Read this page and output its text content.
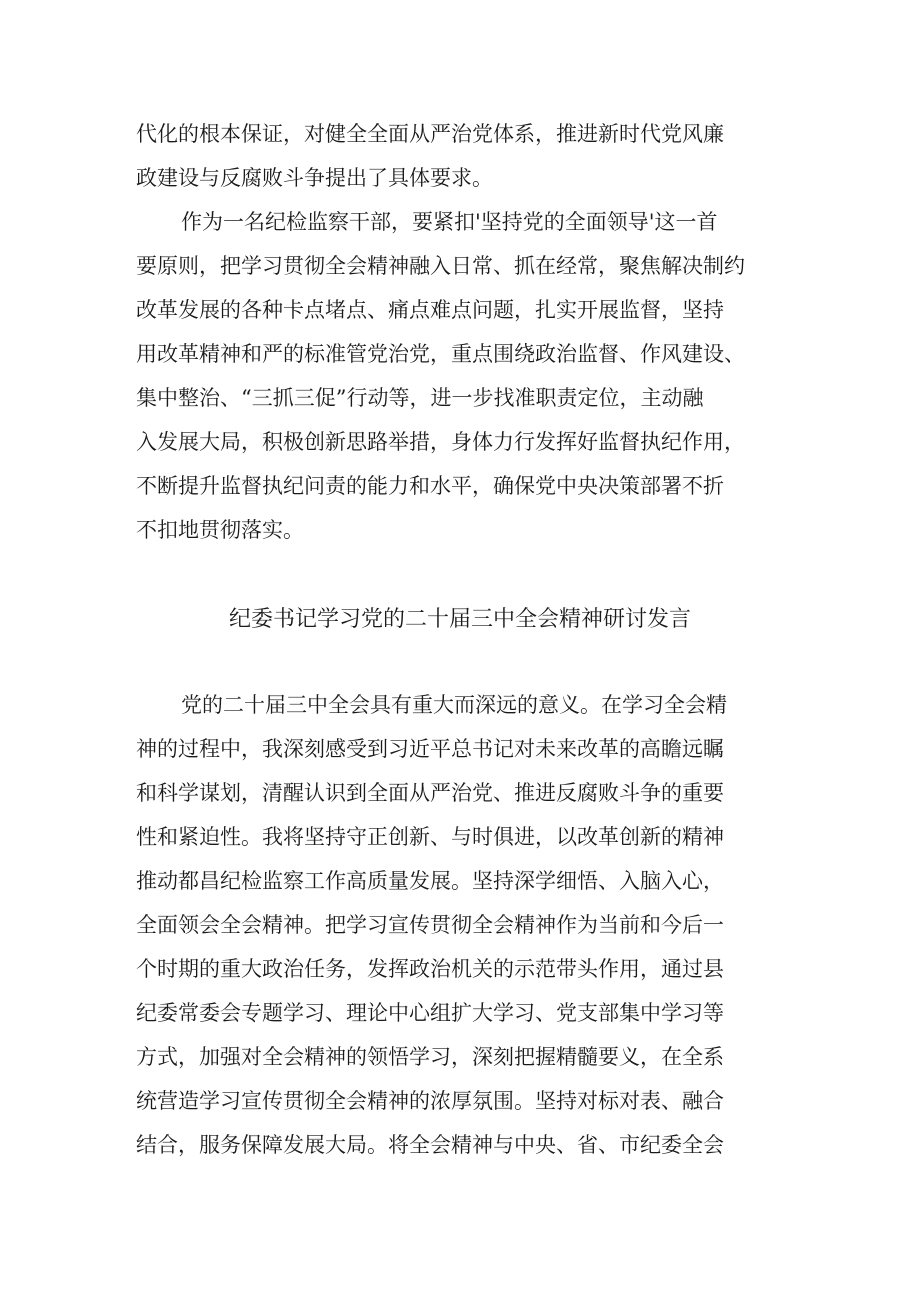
代化的根本保证，对健全全面从严治党体系，推进新时代党风廉
政建设与反腐败斗争提出了具体要求。
作为一名纪检监察干部，要紧扣'坚持党的全面领导'这一首
要原则，把学习贯彻全会精神融入日常、抓在经常，聚焦解决制约
改革发展的各种卡点堵点、痛点难点问题，扎实开展监督，坚持
用改革精神和严的标准管党治党，重点围绕政治监督、作风建设、
集中整治、“三抓三促”行动等，进一步找准职责定位，主动融
入发展大局，积极创新思路举措，身体力行发挥好监督执纪作用，
不断提升监督执纪问责的能力和水平，确保党中央决策部署不折
不扣地贯彻落实。
纪委书记学习党的二十届三中全会精神研讨发言
党的二十届三中全会具有重大而深远的意义。在学习全会精
神的过程中，我深刻感受到习近平总书记对未来改革的高瞻远瞩
和科学谋划，清醒认识到全面从严治党、推进反腐败斗争的重要
性和紧迫性。我将坚持守正创新、与时俱进，以改革创新的精神
推动都昌纪检监察工作高质量发展。坚持深学细悟、入脑入心，
全面领会全会精神。把学习宣传贯彻全会精神作为当前和今后一
个时期的重大政治任务，发挥政治机关的示范带头作用，通过县
纪委常委会专题学习、理论中心组扩大学习、党支部集中学习等
方式，加强对全会精神的领悟学习，深刻把握精髓要义，在全系
统营造学习宣传贯彻全会精神的浓厚氛围。坚持对标对表、融合
结合，服务保障发展大局。将全会精神与中央、省、市纪委全会
